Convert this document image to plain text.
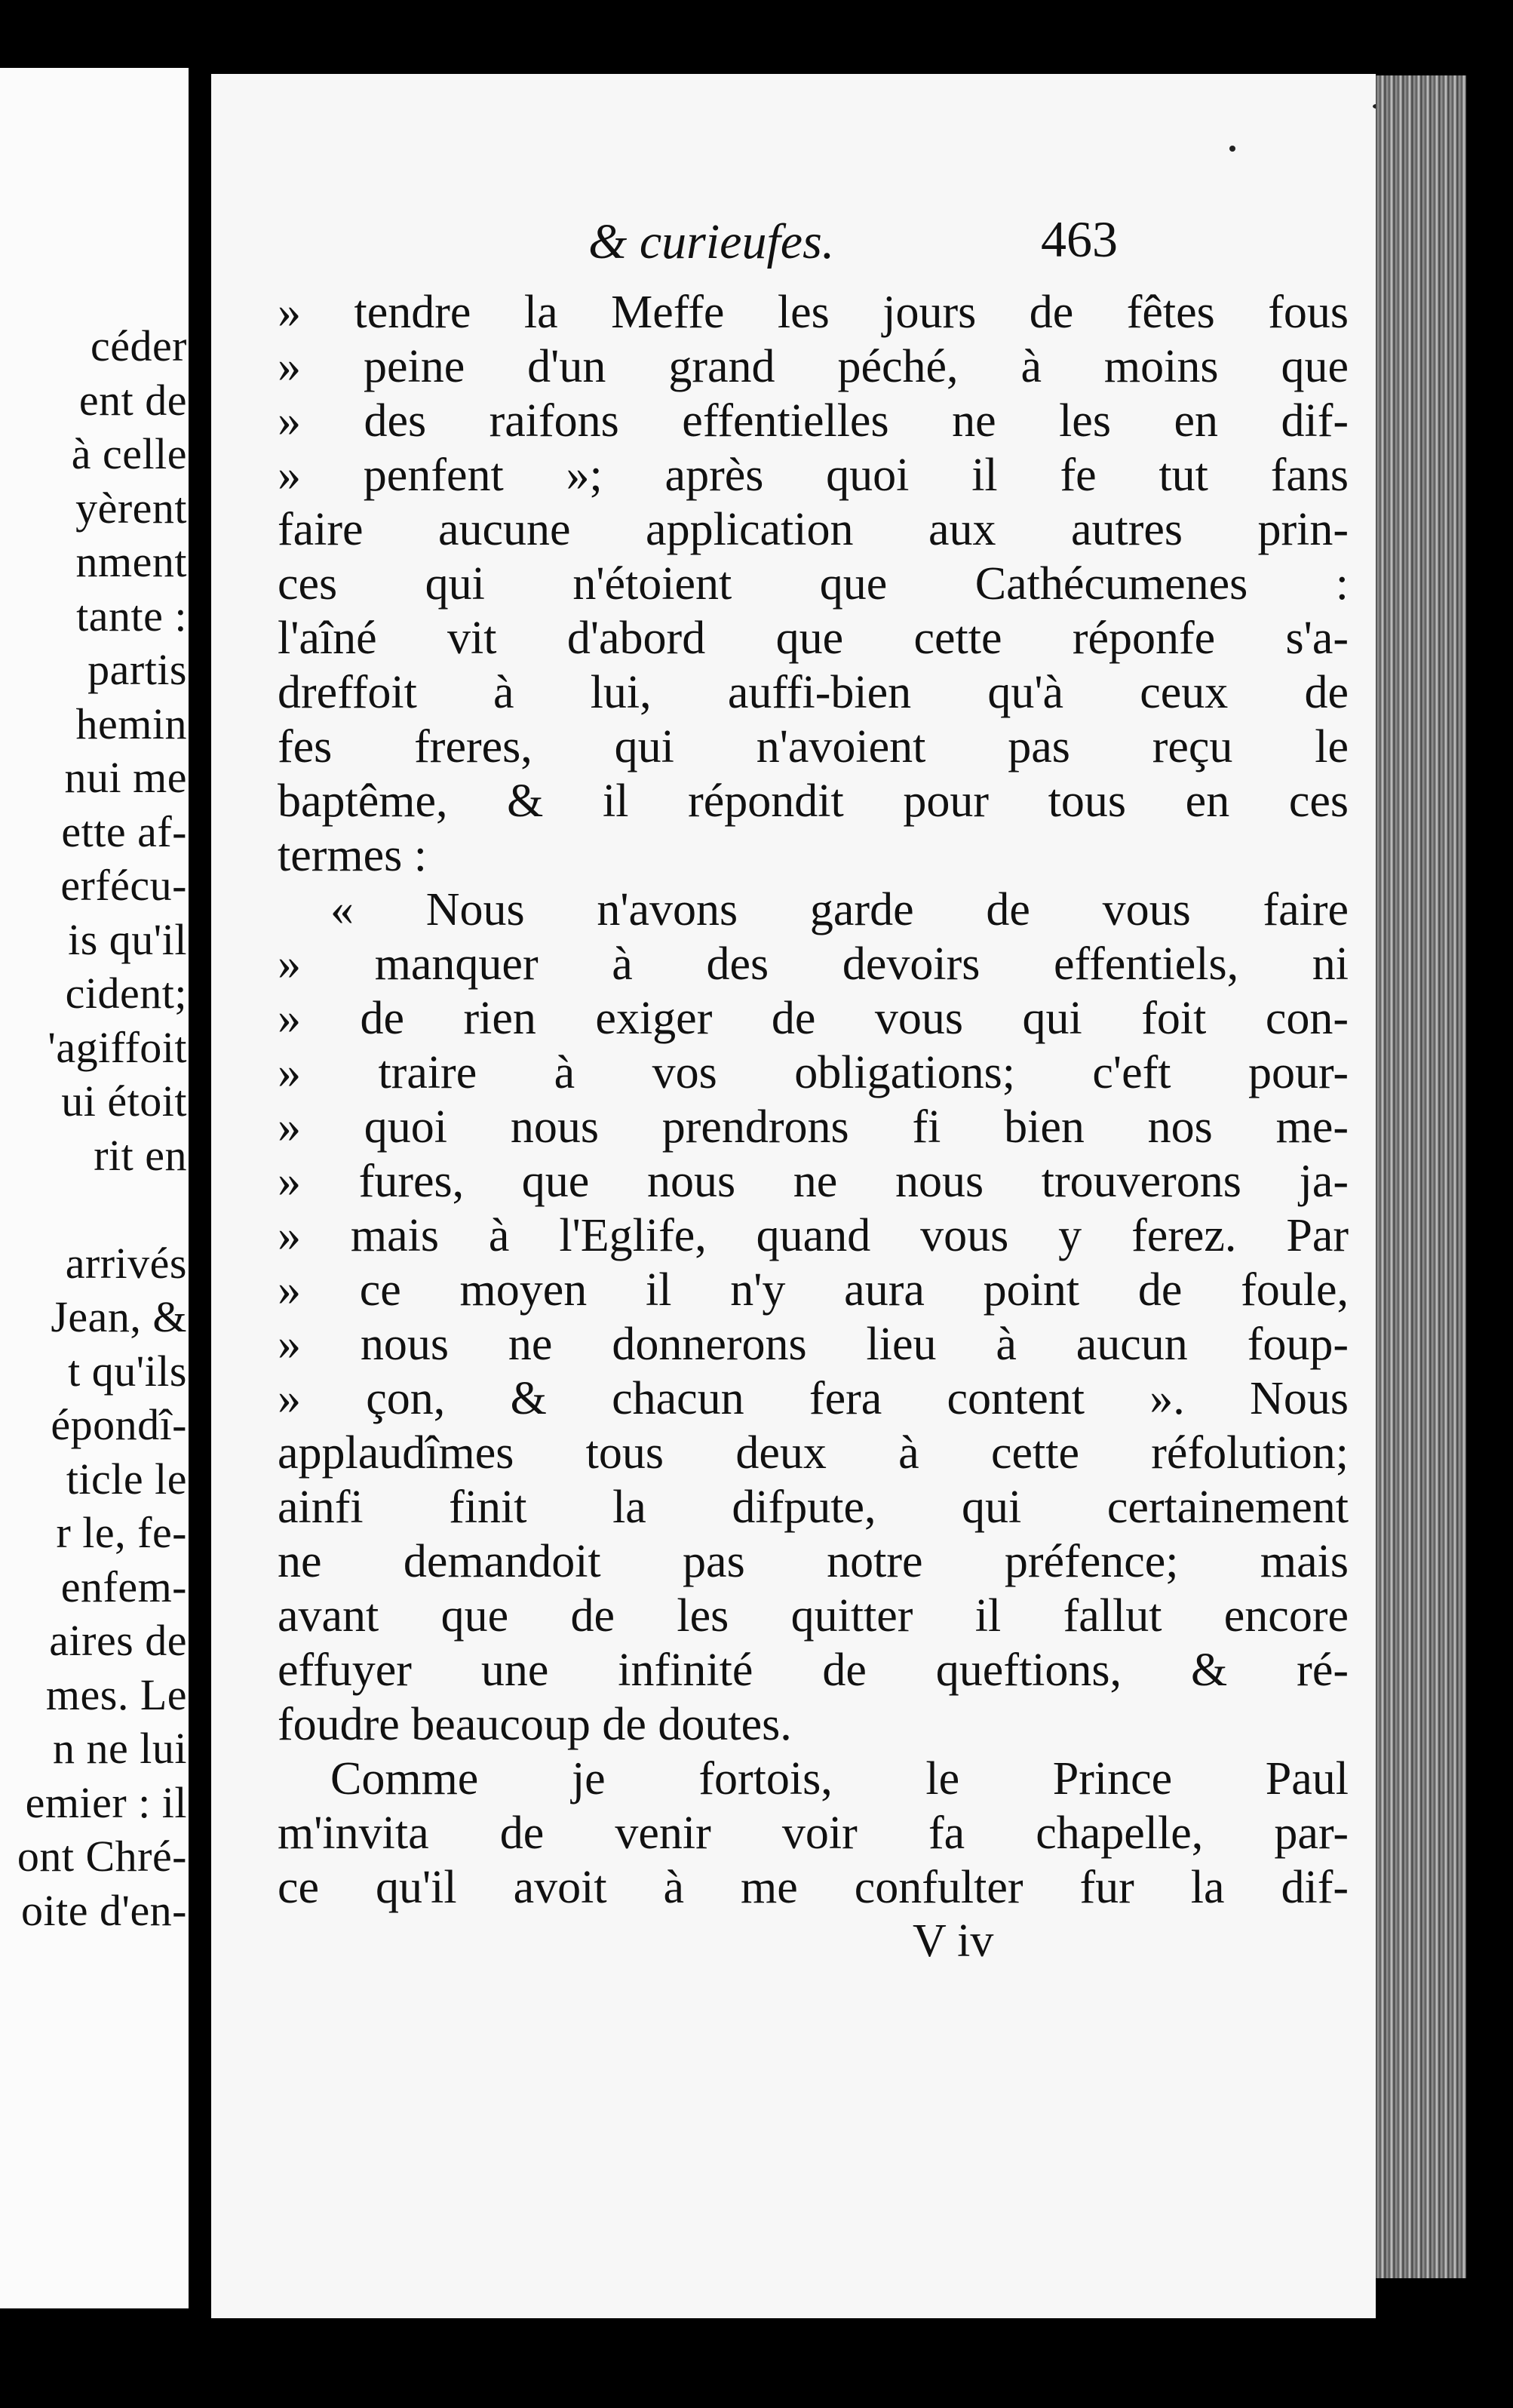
céder
ent de
à celle
yèrent
nment
tante :
partis
hemin
nui me
ette af-
erfécu-
is qu'il
cident;
'agiffoit
ui étoit
rit en
arrivés
Jean, &
t qu'ils
épondî-
ticle le
r le, fe-
enfem-
aires de
mes. Le
n ne lui
emier : il
ont Chré-
oite d'en-
& curieufes.	463
» tendre la Meffe les jours de fêtes fous
» peine d'un grand péché, à moins que
» des raifons effentielles ne les en dif-
» penfent »; après quoi il fe tut fans
faire aucune application aux autres prin-
ces qui n'étoient que Cathécumenes :
l'aîné vit d'abord que cette réponfe s'a-
dreffoit à lui, auffi-bien qu'à ceux de
fes freres, qui n'avoient pas reçu le
baptême, & il répondit pour tous en ces
termes :
« Nous n'avons garde de vous faire
» manquer à des devoirs effentiels, ni
» de rien exiger de vous qui foit con-
» traire à vos obligations; c'eft pour-
» quoi nous prendrons fi bien nos me-
» fures, que nous ne nous trouverons ja-
» mais à l'Eglife, quand vous y ferez. Par
» ce moyen il n'y aura point de foule,
» nous ne donnerons lieu à aucun foup-
» çon, & chacun fera content ». Nous
applaudîmes tous deux à cette réfolution;
ainfi finit la difpute, qui certainement
ne demandoit pas notre préfence; mais
avant que de les quitter il fallut encore
effuyer une infinité de queftions, & ré-
foudre beaucoup de doutes.
Comme je fortois, le Prince Paul
m'invita de venir voir fa chapelle, par-
ce qu'il avoit à me confulter fur la dif-
V iv
